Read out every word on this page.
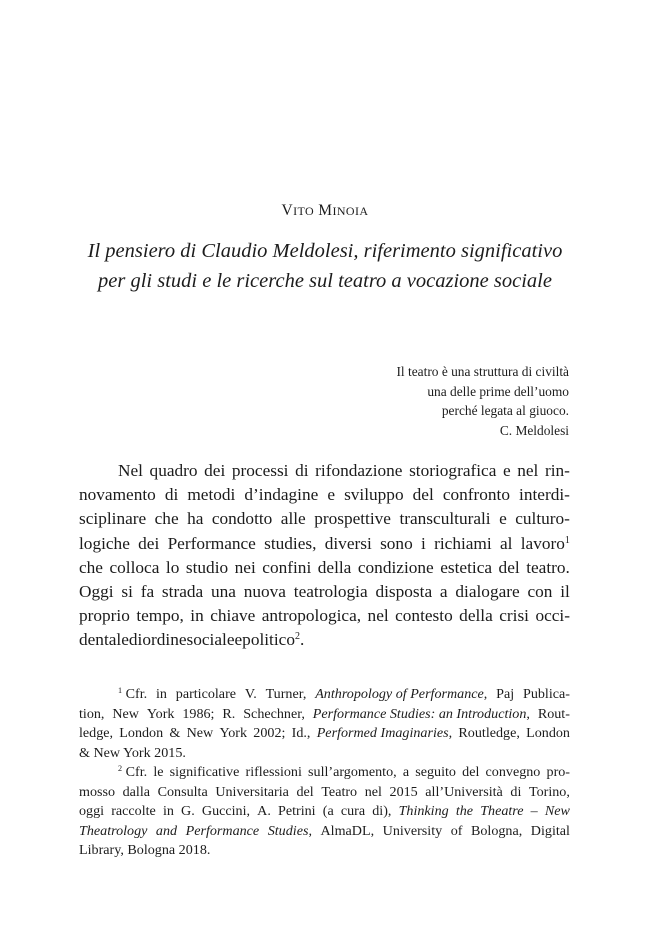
VITO MINOIA
Il pensiero di Claudio Meldolesi, riferimento significativo
per gli studi e le ricerche sul teatro a vocazione sociale
Il teatro è una struttura di civiltà
una delle prime dell’uomo
perché legata al giuoco.
C. Meldolesi
Nel quadro dei processi di rifondazione storiografica e nel rin-
novamento di metodi d’indagine e sviluppo del confronto interdi-
sciplinare che ha condotto alle prospettive transculturali e culturo-
logiche dei Performance studies, diversi sono i richiami al lavoro$^1$
che colloca lo studio nei confini della condizione estetica del teatro.
Oggi si fa strada una nuova teatrologia disposta a dialogare con il
proprio tempo, in chiave antropologica, nel contesto della crisi occi-
dentale di ordine sociale e politico$^2$.
$^1$ Cfr. in particolare V. Turner, Anthropology of Performance, Paj Publica-
tion, New York 1986; R. Schechner, Performance Studies: an Introduction, Rout-
ledge, London & New York 2002; Id., Performed Imaginaries, Routledge, London
& New York 2015.
$^2$ Cfr. le significative riflessioni sull’argomento, a seguito del convegno pro-
mosso dalla Consulta Universitaria del Teatro nel 2015 all’Università di Torino,
oggi raccolte in G. Guccini, A. Petrini (a cura di), Thinking the Theatre – New
Theatrology and Performance Studies, AlmaDL, University of Bologna, Digital
Library, Bologna 2018.
